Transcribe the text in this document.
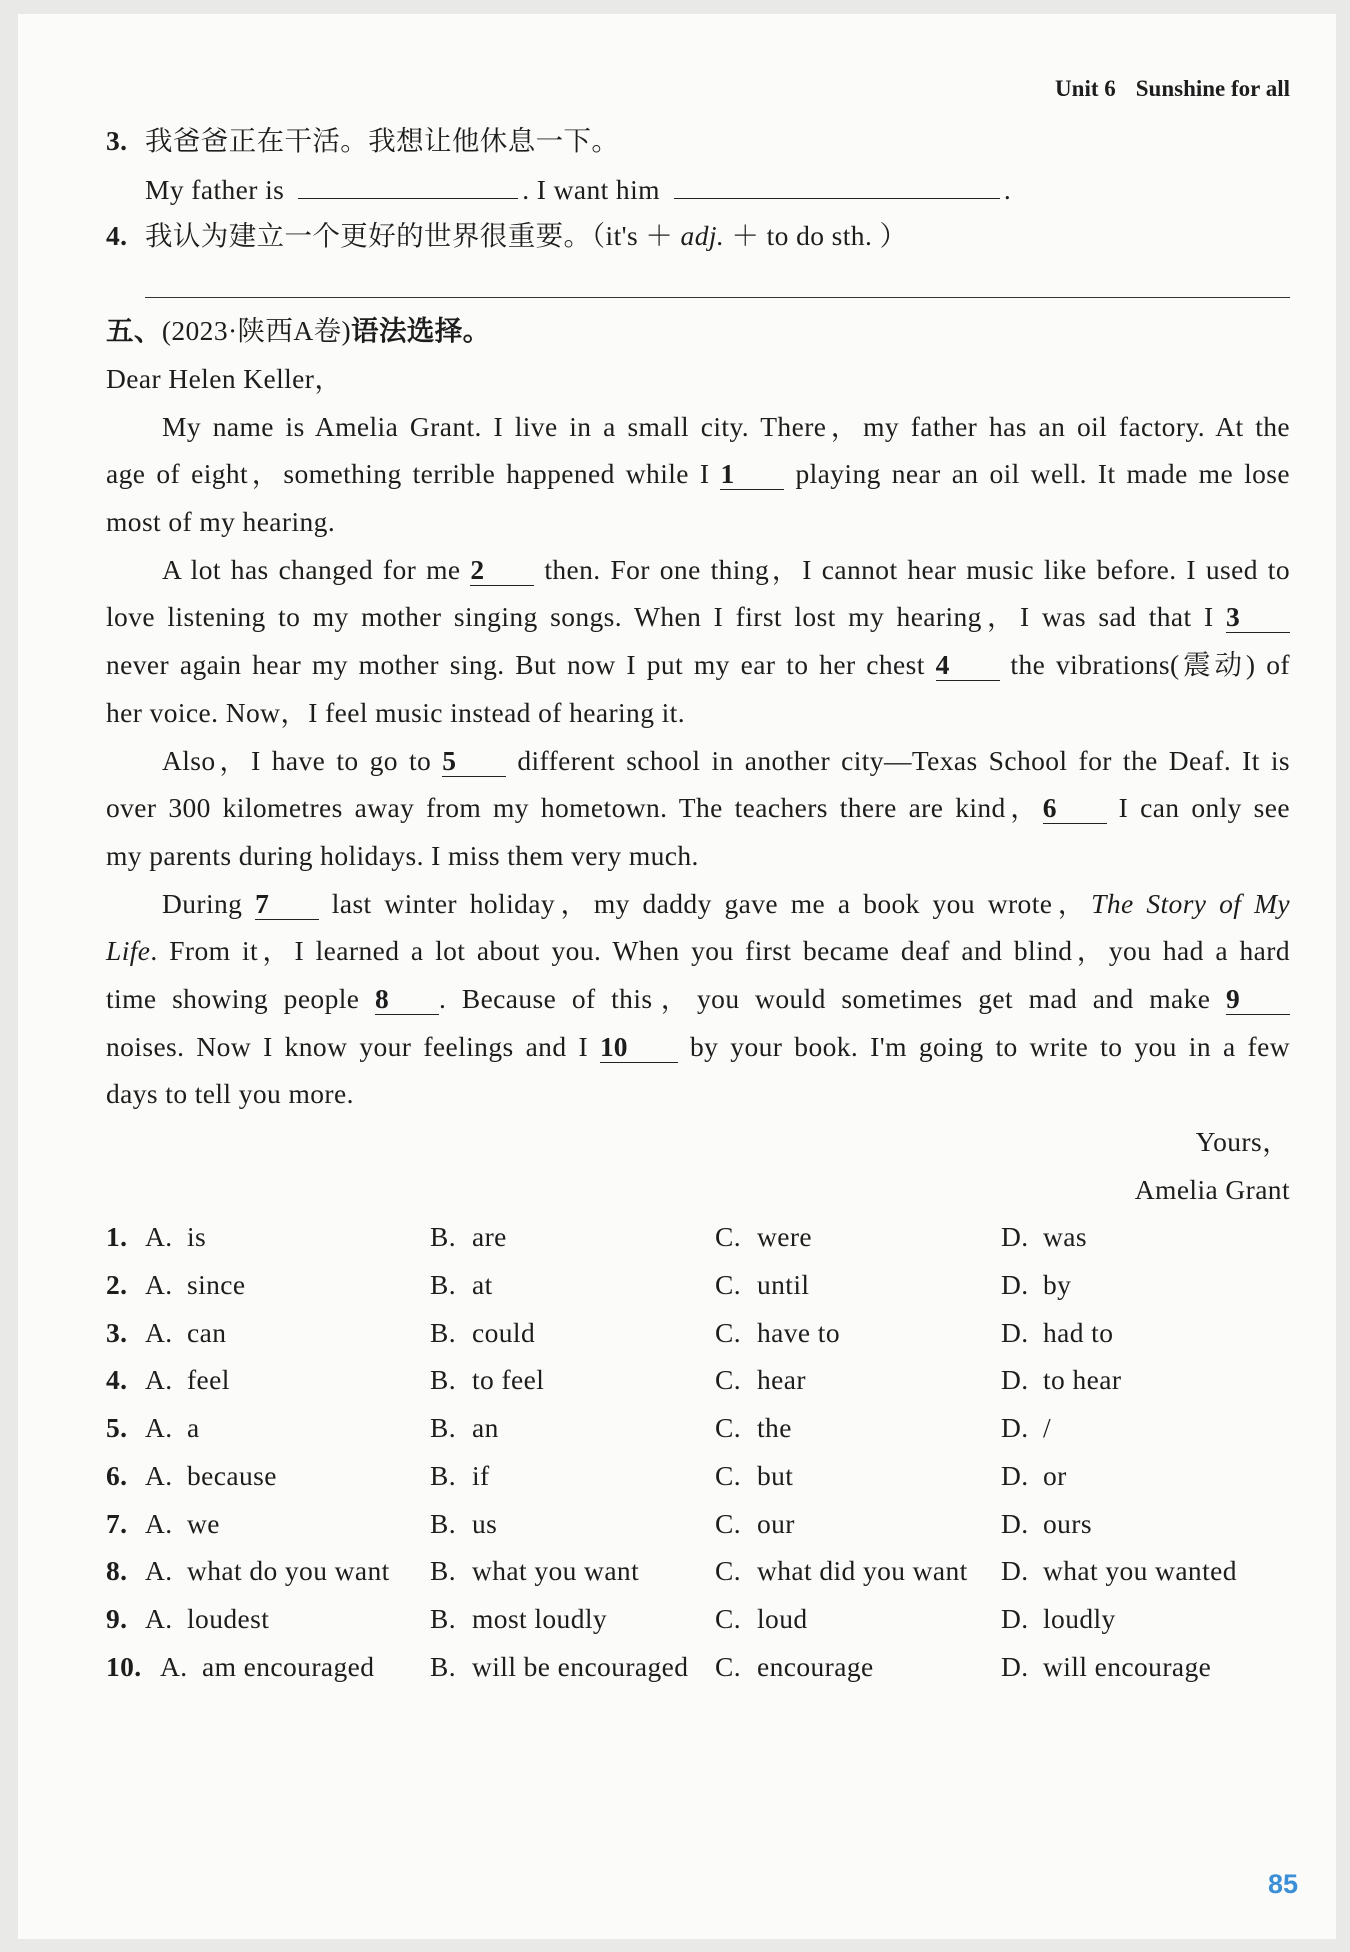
Unit 6 Sunshine for all
3. 我爸爸正在干活。我想让他休息一下。
My father is	. I want him	.
4. 我认为建立一个更好的世界很重要。（it's ＋ adj. ＋ to do sth. ）
五、(2023·陕西A卷)语法选择。
Dear Helen Keller，
My name is Amelia Grant. I live in a small city. There，my father has an oil factory. At the
age of eight，something terrible happened while I 1 playing near an oil well. It made me lose
most of my hearing.
A lot has changed for me 2 then. For one thing，I cannot hear music like before. I used to
love listening to my mother singing songs. When I first lost my hearing，I was sad that I 3
never again hear my mother sing. But now I put my ear to her chest 4 the vibrations(震动) of
her voice. Now，I feel music instead of hearing it.
Also，I have to go to 5 different school in another city—Texas School for the Deaf. It is
over 300 kilometres away from my hometown. The teachers there are kind，6 I can only see
my parents during holidays. I miss them very much.
During 7 last winter holiday，my daddy gave me a book you wrote，The Story of My
Life. From it，I learned a lot about you. When you first became deaf and blind，you had a hard
time showing people 8 . Because of this，you would sometimes get mad and make 9
noises. Now I know your feelings and I 10 by your book. I'm going to write to you in a few
days to tell you more.
Yours，
Amelia Grant
1. A. is	B. are	C. were	D. was
2. A. since	B. at	C. until	D. by
3. A. can	B. could	C. have to	D. had to
4. A. feel	B. to feel	C. hear	D. to hear
5. A. a	B. an	C. the	D. /
6. A. because	B. if	C. but	D. or
7. A. we	B. us	C. our	D. ours
8. A. what do you want B. what you want	C. what did you want D. what you wanted
9. A. loudest	B. most loudly	C. loud	D. loudly
10. A. am encouraged B. will be encouraged C. encourage	D. will encourage
85
